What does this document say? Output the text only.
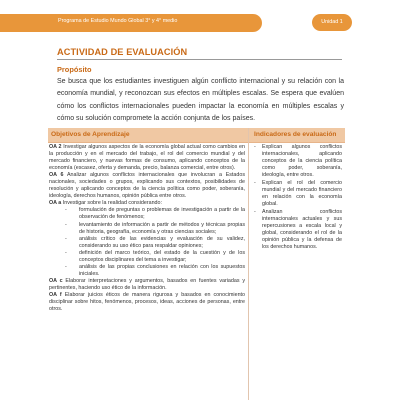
Programa de Estudio Mundo Global 3° y 4° medio	Unidad 1
ACTIVIDAD DE EVALUACIÓN
Propósito
Se busca que los estudiantes investiguen algún conflicto internacional y su relación con la economía mundial, y reconozcan sus efectos en múltiples escalas. Se espera que evalúen cómo los conflictos internacionales pueden impactar la economía en múltiples escalas y cómo su solución compromete la acción conjunta de los países.
Objetivos de Aprendizaje	Indicadores de evaluación

OA 2 Investigar algunos aspectos de la economía global actual como cambios en la producción y en el mercado del trabajo, el rol del comercio mundial y del mercado financiero, y nuevas formas de consumo, aplicando conceptos de la economía (escasez, oferta y demanda, precio, balanza comercial, entre otros).

OA 6 Analizar algunos conflictos internacionales que involucran a Estados nacionales, sociedades o grupos, explicando sus contextos, posibilidades de resolución y aplicando conceptos de la ciencia política como poder, soberanía, ideología, derechos humanos, opinión pública entre otros.

OA a Investigar sobre la realidad considerando:

- formulación de preguntas o problemas de investigación a partir de la observación de fenómenos;
- levantamiento de información a partir de métodos y técnicas propias de historia, geografía, economía y otras ciencias sociales;
- análisis crítico de las evidencias y evaluación de su validez, considerando su uso ético para respaldar opiniones;
- definición del marco teórico, del estado de la cuestión y de los conceptos disciplinares del tema a investigar;
- análisis de las propias conclusiones en relación con los supuestos iniciales.

OA c Elaborar interpretaciones y argumentos, basados en fuentes variadas y pertinentes, haciendo uso ético de la información.

OA f Elaborar juicios éticos de manera rigurosa y basados en conocimiento disciplinar sobre hitos, fenómenos, procesos, ideas, acciones de personas, entre otros.

- Explican algunos conflictos internacionales, aplicando conceptos de la ciencia política como poder, soberanía, ideología, entre otros.
- Explican el rol del comercio mundial y del mercado financiero en relación con la economía global.
- Analizan conflictos internacionales actuales y sus repercusiones a escala local y global, considerando el rol de la opinión pública y la defensa de los derechos humanos.
